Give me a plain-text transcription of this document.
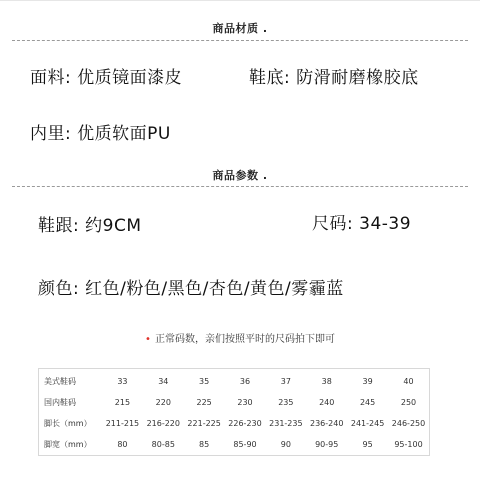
商品材质 .
面料: 优质镜面漆皮	鞋底: 防滑耐磨橡胶底
内里: 优质软面PU
商品参数 .
鞋跟: 约9CM	尺码: 34-39
颜色: 红色/粉色/黑色/杏色/黄色/雾霾蓝
• 正常码数，亲们按照平时的尺码拍下即可
美式鞋码	33	34	35	36	37	38	39	40
国内鞋码	215	220	225	230	235	240	245	250
脚长（mm）	211-215	216-220	221-225	226-230	231-235	236-240	241-245	246-250
脚宽（mm）	80	80-85	85	85-90	90	90-95	95	95-100
